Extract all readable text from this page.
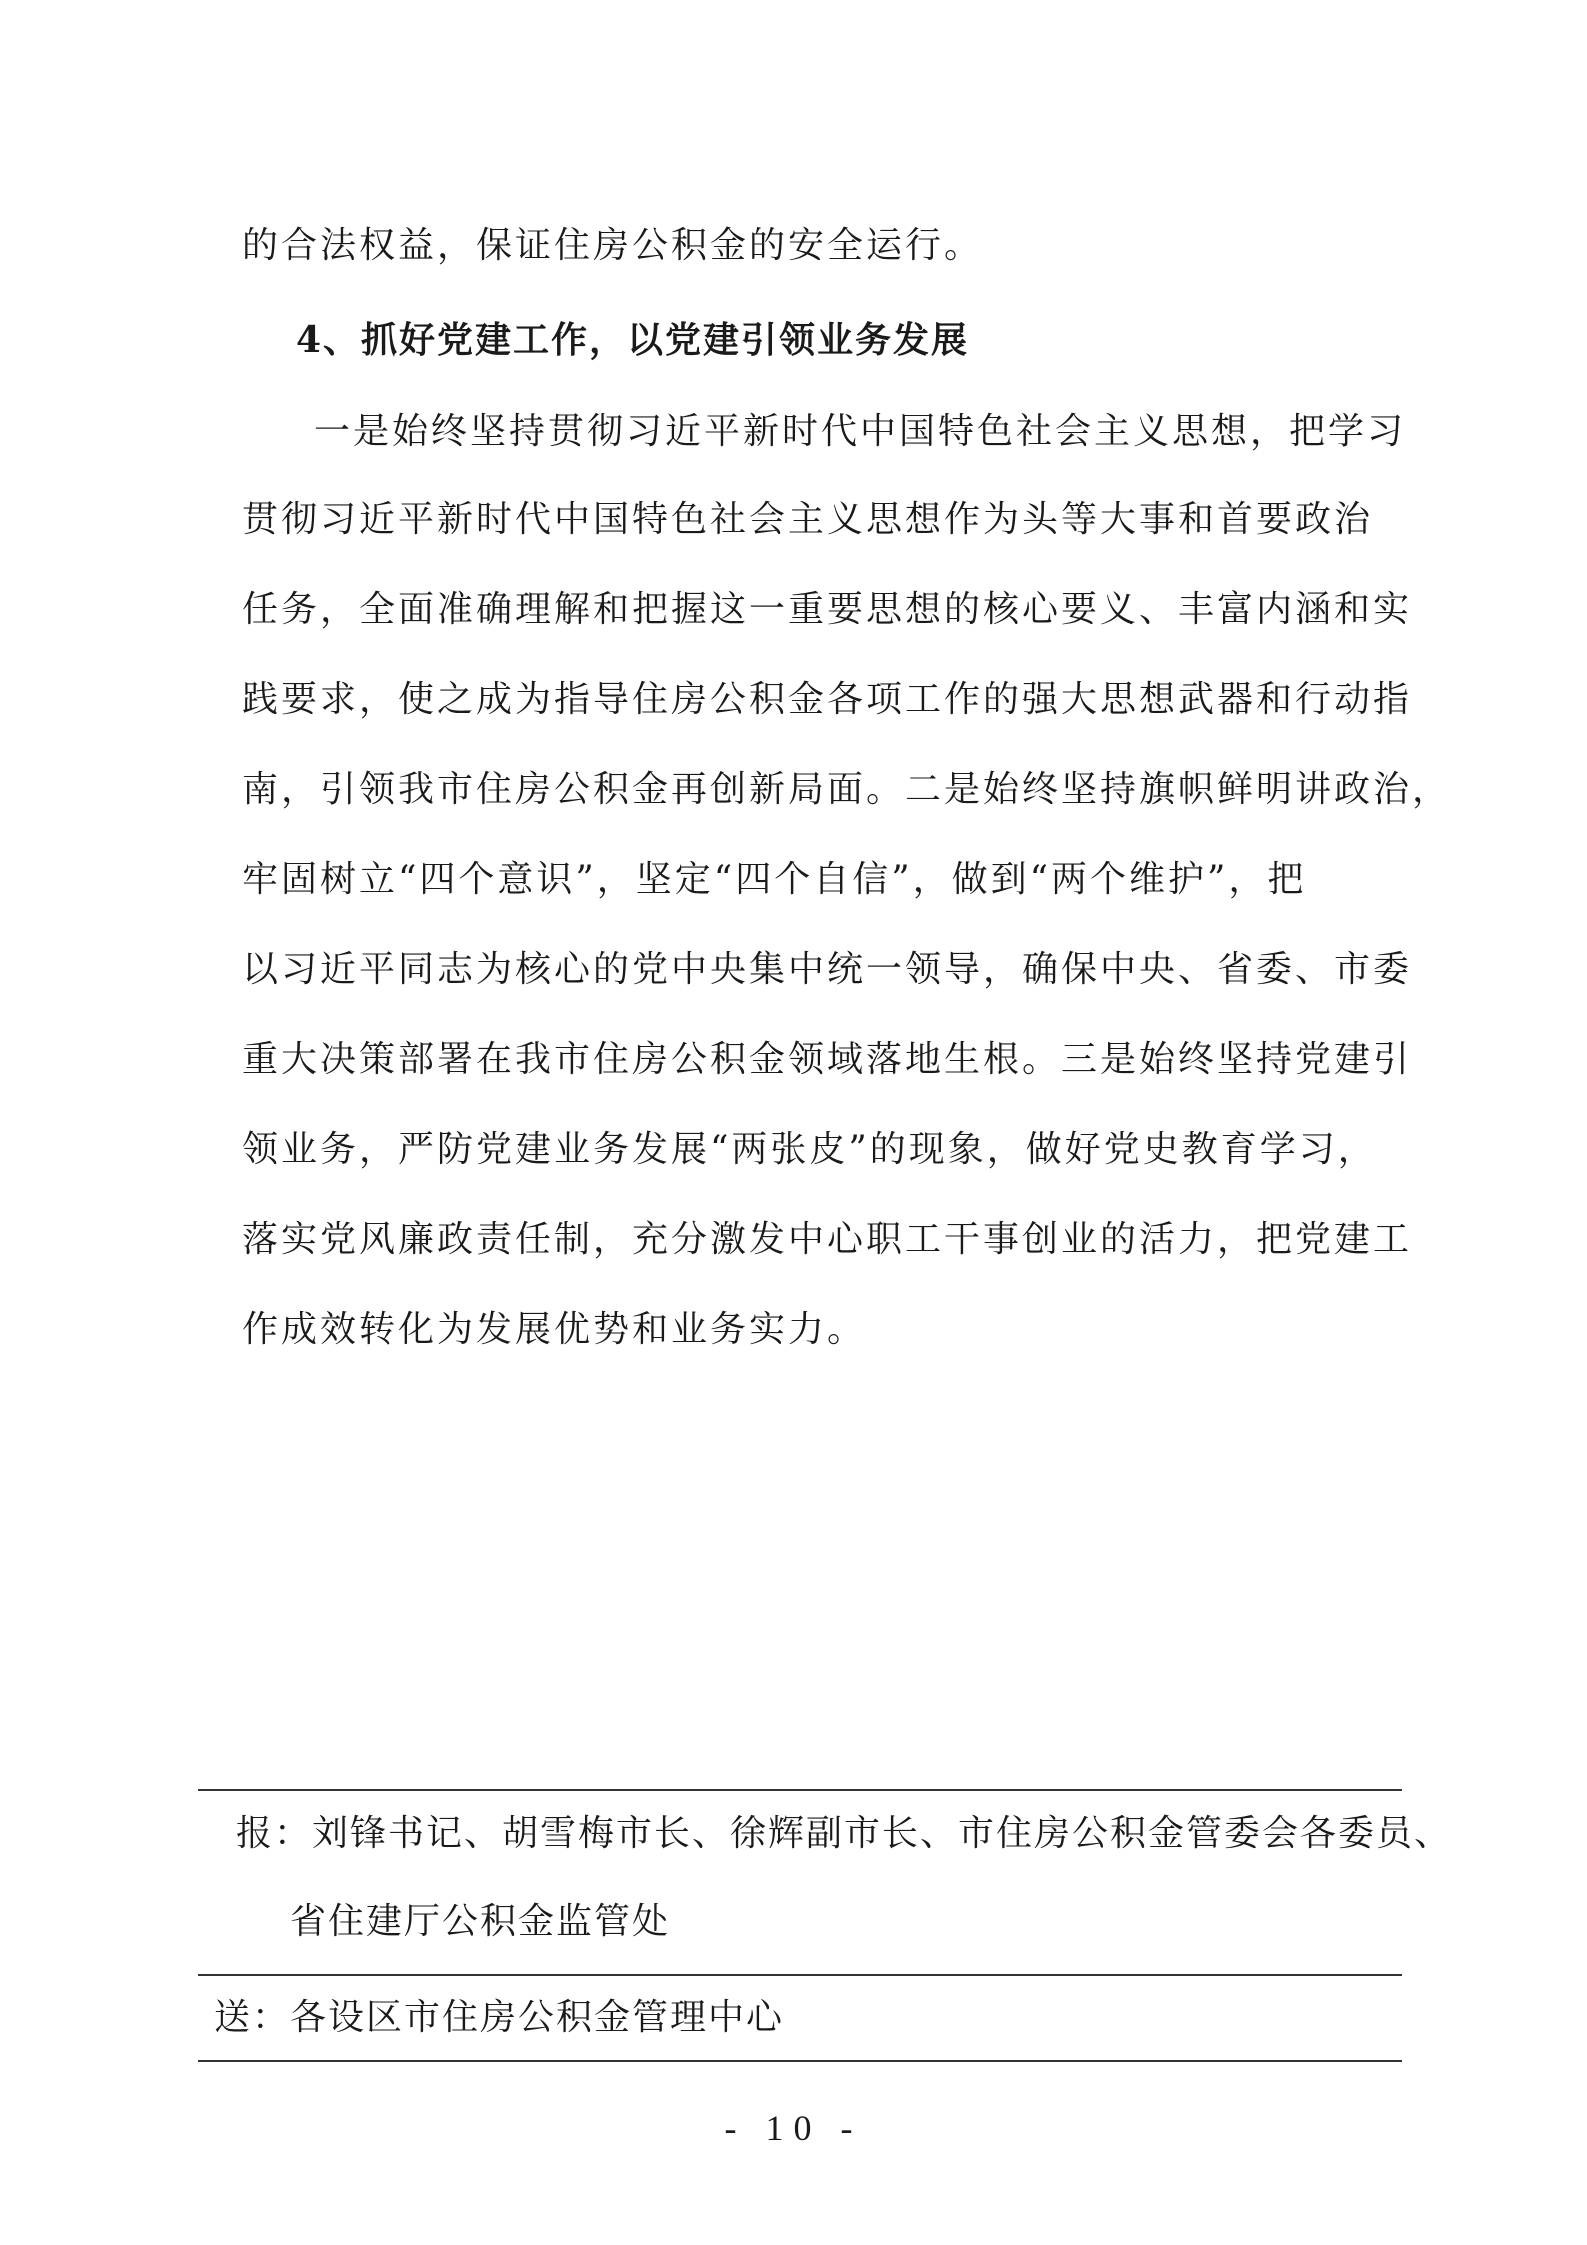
的合法权益，保证住房公积金的安全运行。
4、抓好党建工作，以党建引领业务发展
一是始终坚持贯彻习近平新时代中国特色社会主义思想，把学习
贯彻习近平新时代中国特色社会主义思想作为头等大事和首要政治
任务，全面准确理解和把握这一重要思想的核心要义、丰富内涵和实
践要求，使之成为指导住房公积金各项工作的强大思想武器和行动指
南，引领我市住房公积金再创新局面。二是始终坚持旗帜鲜明讲政治，
牢固树立“四个意识”，坚定“四个自信”，做到“两个维护”，把
以习近平同志为核心的党中央集中统一领导，确保中央、省委、市委
重大决策部署在我市住房公积金领域落地生根。三是始终坚持党建引
领业务，严防党建业务发展“两张皮”的现象，做好党史教育学习，
落实党风廉政责任制，充分激发中心职工干事创业的活力，把党建工
作成效转化为发展优势和业务实力。
报：刘锋书记、胡雪梅市长、徐辉副市长、市住房公积金管委会各委员、
省住建厅公积金监管处
送：各设区市住房公积金管理中心
- 10 -
